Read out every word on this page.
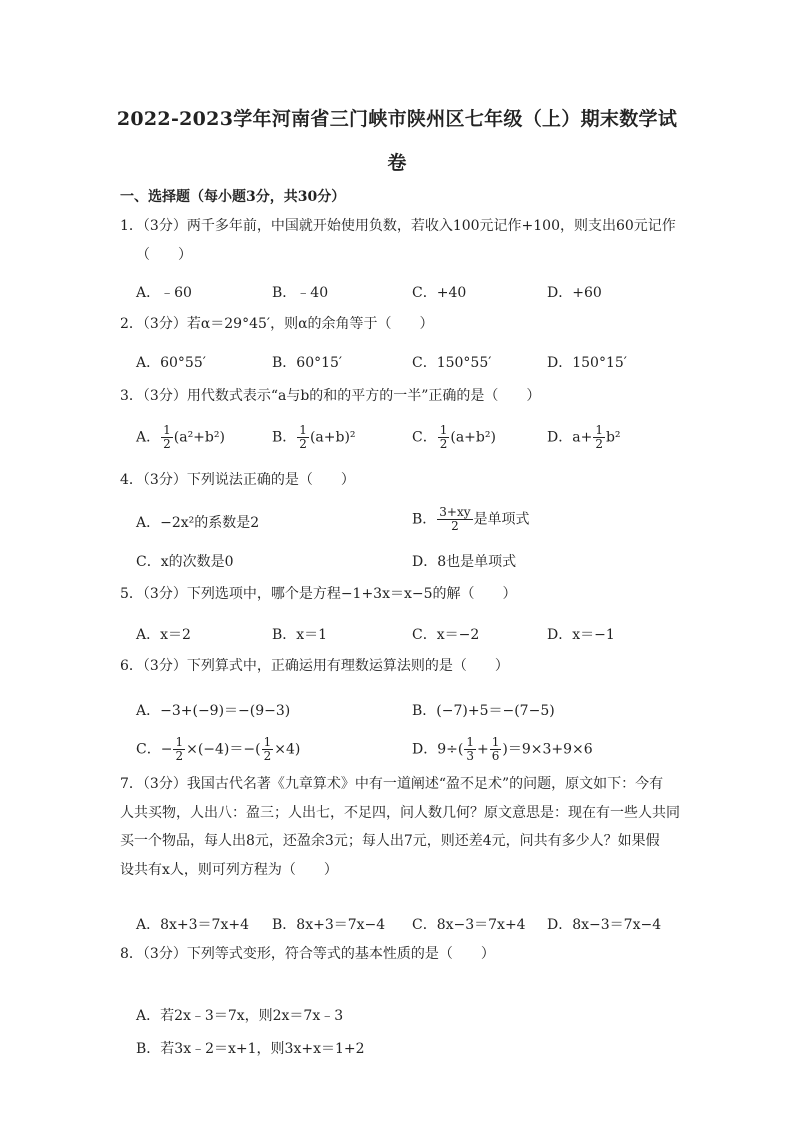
2022-2023学年河南省三门峡市陕州区七年级（上）期末数学试
卷
一、选择题（每小题3分，共30分）
1．（3分）两千多年前，中国就开始使用负数，若收入100元记作+100，则支出60元记作
（　　）
A．﹣60	B．﹣40	C．+40	D．+60
2．（3分）若α＝29°45′，则α的余角等于（　　）
A．60°55′	B．60°15′	C．150°55′	D．150°15′
3．（3分）用代数式表示“a与b的和的平方的一半”正确的是（　　）
A． $\frac{1}{2} (a^2+b^2)$	B． $\frac{1}{2} (a+b)^2$	C． $\frac{1}{2} (a+b^2)$	D．$a+ \frac{1}{2} b^2$
4．（3分）下列说法正确的是（　　）
A．−2x²的系数是2	B． $\frac{3+xy}{2}$ 是单项式
C．x的次数是0	D．8也是单项式
5．（3分）下列选项中，哪个是方程−1+3x＝x−5的解（　　）
A．x＝2	B．x＝1	C．x＝−2	D．x＝−1
6．（3分）下列算式中，正确运用有理数运算法则的是（　　）
A．−3+(−9)＝−(9−3)	B．(−7)+5＝−(7−5)
C．− $\frac{1}{2} \times(-4)=-( \frac{1}{2} \times 4)$	D．$9\div( \frac{1}{3} + \frac{1}{6} )=9\times 3+9\times 6$
7．（3分）我国古代名著《九章算术》中有一道阐述“盈不足术”的问题，原文如下：今有
人共买物，人出八：盈三；人出七，不足四，问人数几何？原文意思是：现在有一些人共同
买一个物品，每人出8元，还盈余3元；每人出7元，则还差4元，问共有多少人？如果假
设共有x人，则可列方程为（　　）
A．8x+3＝7x+4 B．8x+3＝7x−4 C．8x−3＝7x+4 D．8x−3＝7x−4
8．（3分）下列等式变形，符合等式的基本性质的是（　　）
A．若2x﹣3＝7x，则2x＝7x﹣3
B．若3x﹣2＝x+1，则3x+x＝1+2
